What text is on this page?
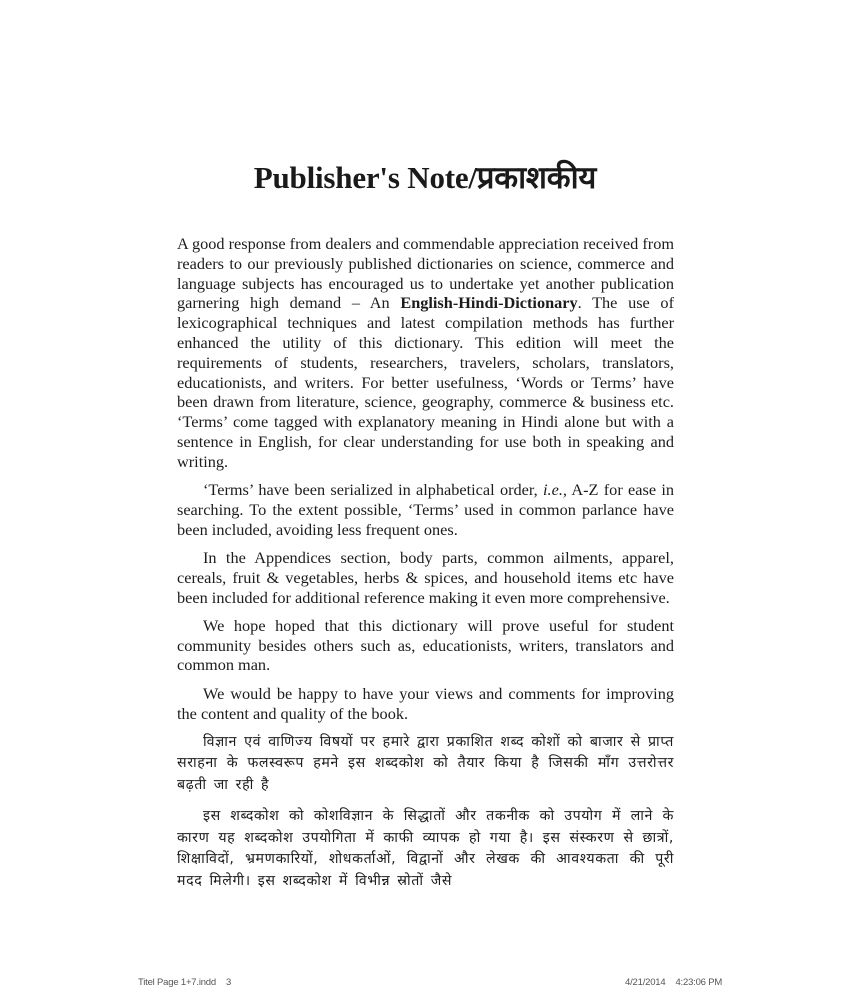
Publisher's Note/प्रकाशकीय

A good response from dealers and commendable appreciation received from readers to our previously published dictionaries on science, commerce and language subjects has encouraged us to undertake yet another publication garnering high demand – An English-Hindi-Dictionary. The use of lexicographical techniques and latest compilation methods has further enhanced the utility of this dictionary. This edition will meet the requirements of students, researchers, travelers, scholars, translators, educationists, and writers. For better usefulness, ‘Words or Terms’ have been drawn from literature, science, geography, commerce & business etc. ‘Terms’ come tagged with explanatory meaning in Hindi alone but with a sentence in English, for clear understanding for use both in speaking and writing.

‘Terms’ have been serialized in alphabetical order, i.e., A-Z for ease in searching. To the extent possible, ‘Terms’ used in common parlance have been included, avoiding less frequent ones.

In the Appendices section, body parts, common ailments, apparel, cereals, fruit & vegetables, herbs & spices, and household items etc have been included for additional reference making it even more comprehensive.

We hope hoped that this dictionary will prove useful for student community besides others such as, educationists, writers, translators and common man.

We would be happy to have your views and comments for improving the content and quality of the book.

विज्ञान एवं वाणिज्य विषयों पर हमारे द्वारा प्रकाशित शब्द कोशों को बाजार से प्राप्त सराहना के फलस्वरूप हमने इस शब्दकोश को तैयार किया है जिसकी माँग उत्तरोत्तर बढ़ती जा रही है

इस शब्दकोश को कोशविज्ञान के सिद्धातों और तकनीक को उपयोग में लाने के कारण यह शब्दकोश उपयोगिता में काफी व्यापक हो गया है। इस संस्करण से छात्रों, शिक्षाविदों, भ्रमणकारियों, शोधकर्ताओं, विद्वानों और लेखक की आवश्यकता की पूरी मदद मिलेगी। इस शब्दकोश में विभीन्न स्रोतों जैसे

Titel Page 1+7.indd 3	4/21/2014 4:23:06 PM
